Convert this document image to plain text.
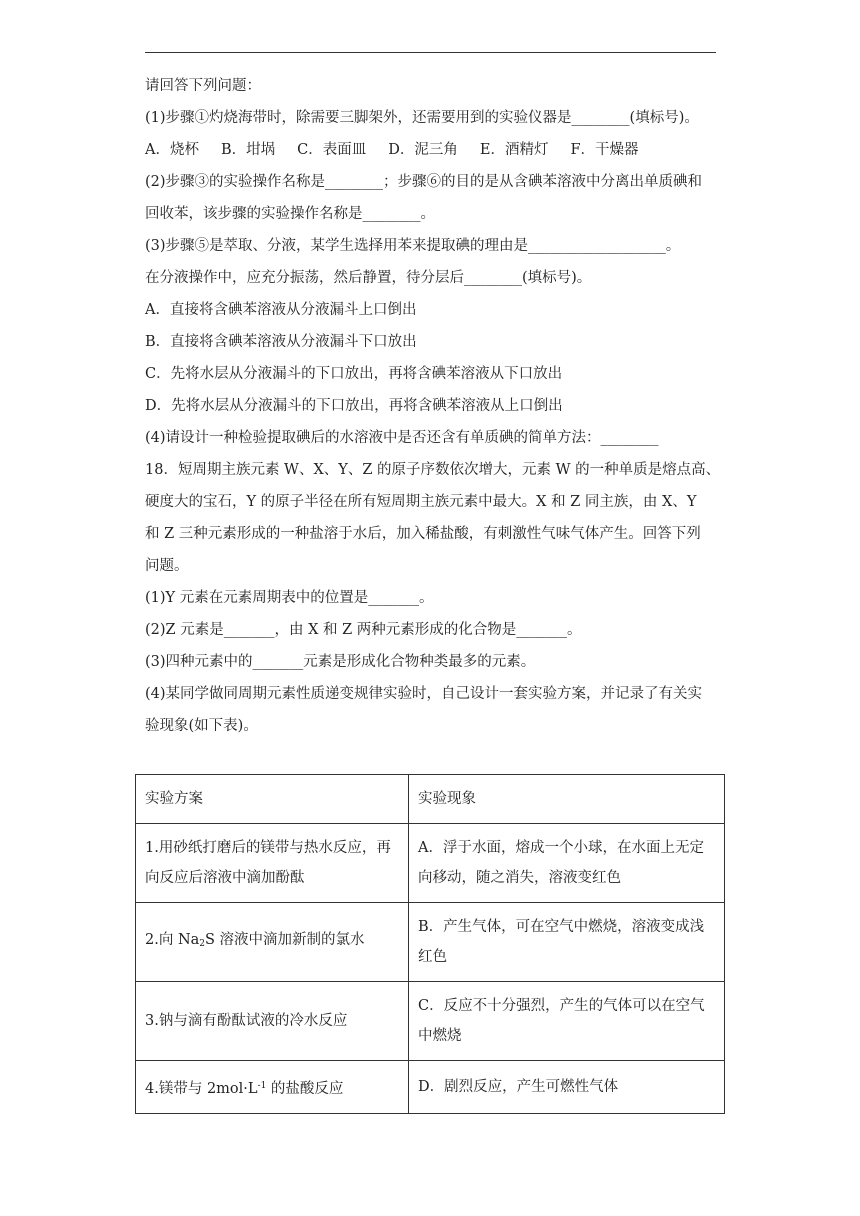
请回答下列问题：
(1)步骤①灼烧海带时，除需要三脚架外，还需要用到的实验仪器是________(填标号)。
A．烧杯 B．坩埚 C．表面皿 D．泥三角 E．酒精灯 F．干燥器
(2)步骤③的实验操作名称是________；步骤⑥的目的是从含碘苯溶液中分离出单质碘和
回收苯，该步骤的实验操作名称是________。
(3)步骤⑤是萃取、分液，某学生选择用苯来提取碘的理由是___________________。
在分液操作中，应充分振荡，然后静置，待分层后________(填标号)。
A．直接将含碘苯溶液从分液漏斗上口倒出
B．直接将含碘苯溶液从分液漏斗下口放出
C．先将水层从分液漏斗的下口放出，再将含碘苯溶液从下口放出
D．先将水层从分液漏斗的下口放出，再将含碘苯溶液从上口倒出
(4)请设计一种检验提取碘后的水溶液中是否还含有单质碘的简单方法：________
18．短周期主族元素 W、X、Y、Z 的原子序数依次增大，元素 W 的一种单质是熔点高、
硬度大的宝石，Y 的原子半径在所有短周期主族元素中最大。X 和 Z 同主族，由 X、Y
和 Z 三种元素形成的一种盐溶于水后，加入稀盐酸，有刺激性气味气体产生。回答下列
问题。
(1)Y 元素在元素周期表中的位置是_______。
(2)Z 元素是_______，由 X 和 Z 两种元素形成的化合物是_______。
(3)四种元素中的_______元素是形成化合物种类最多的元素。
(4)某同学做同周期元素性质递变规律实验时，自己设计一套实验方案，并记录了有关实
验现象(如下表)。
实验方案	实验现象
1.用砂纸打磨后的镁带与热水反应，再向反应后溶液中滴加酚酞	A．浮于水面，熔成一个小球，在水面上无定向移动，随之消失，溶液变红色
2.向 $Na_2S$ 溶液中滴加新制的氯水	B．产生气体，可在空气中燃烧，溶液变成浅红色
3.钠与滴有酚酞试液的冷水反应	C．反应不十分强烈，产生的气体可以在空气中燃烧
4.镁带与 $2mol\cdot L^{-1}$ 的盐酸反应	D．剧烈反应，产生可燃性气体
